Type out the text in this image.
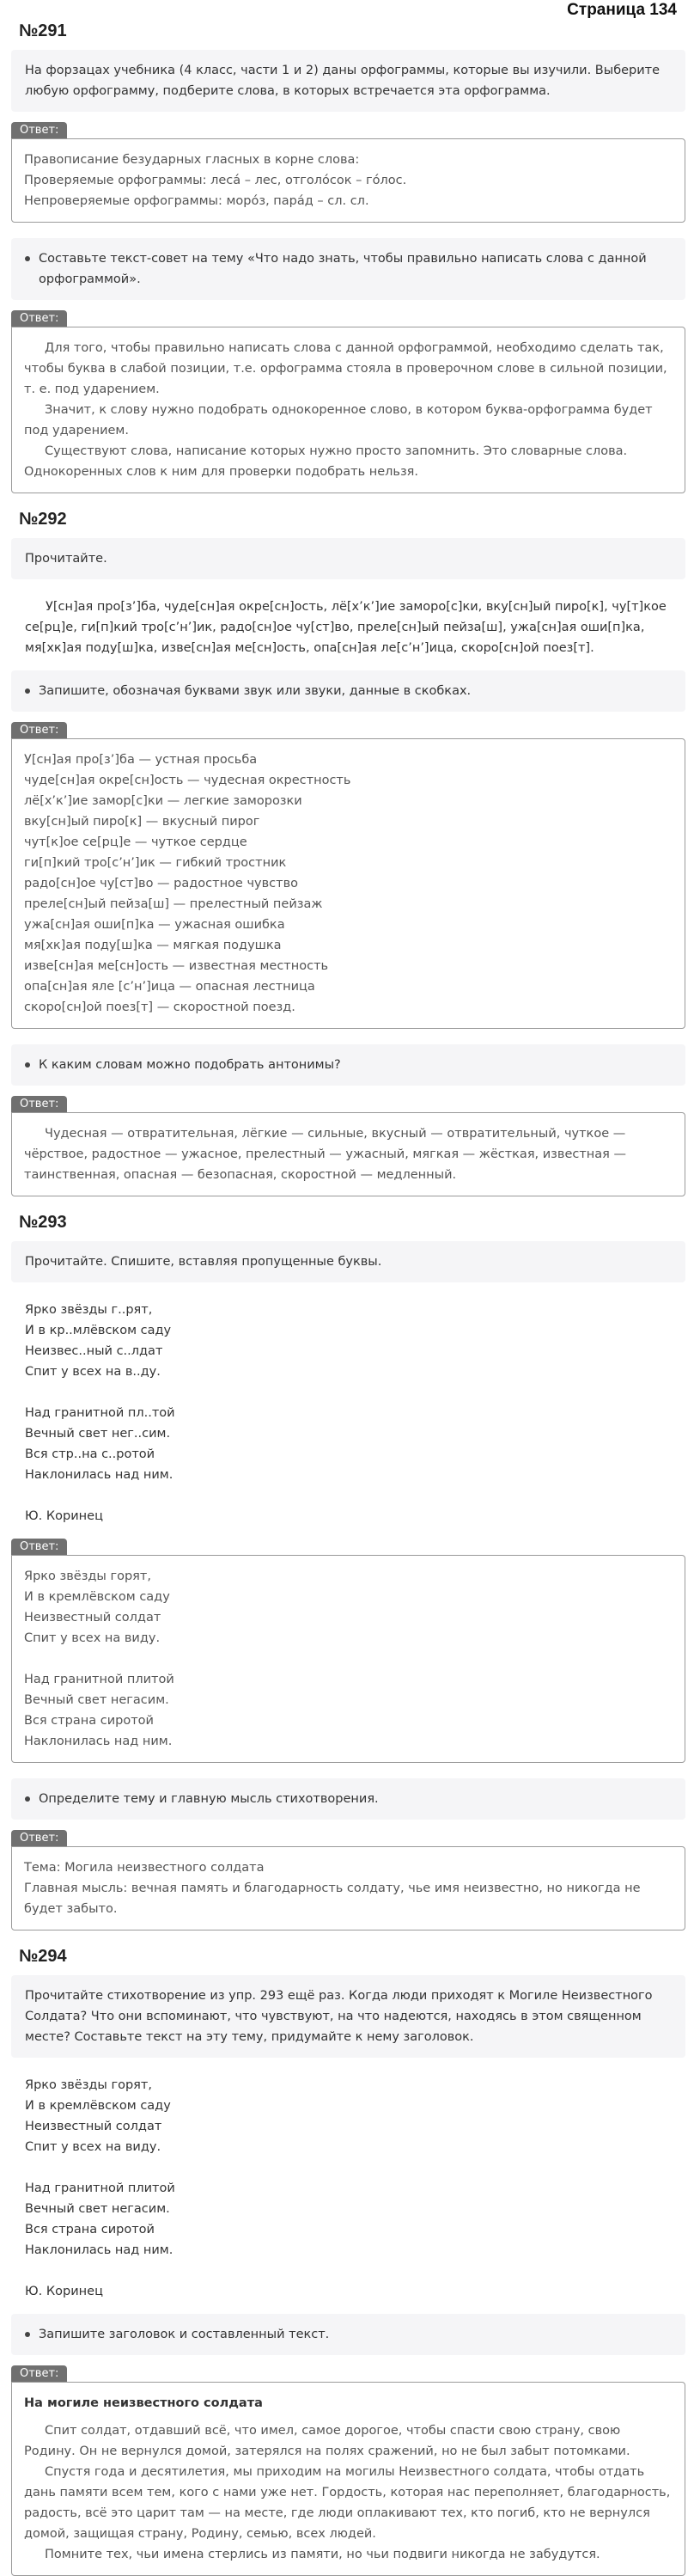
Страница 134
№291

На форзацах учебника (4 класс, части 1 и 2) даны орфограммы, которые вы изучили. Выберите любую орфограмму, подберите слова, в которых встречается эта орфограмма.

Ответ:

Правописание безударных гласных в корне слова:

Проверяемые орфограммы: лесá – лес, отголóсок – гóлос.

Непроверяемые орфограммы: морóз, парáд – сл. сл.

Составьте текст-совет на тему «Что надо знать, чтобы правильно написать слова с данной орфограммой».

Ответ:

Для того, чтобы правильно написать слова с данной орфограммой, необходимо сделать так, чтобы буква в слабой позиции, т.е. орфограмма стояла в проверочном слове в сильной позиции, т. е. под ударением.

Значит, к слову нужно подобрать однокоренное слово, в котором буква-орфограмма будет под ударением.

Существуют слова, написание которых нужно просто запомнить. Это словарные слова. Однокоренных слов к ним для проверки подобрать нельзя.

№292

Прочитайте.

У[сн]ая про[з’]ба, чуде[сн]ая окре[сн]ость, лё[х’к’]ие заморо[с]ки, вку[сн]ый пиро[к], чу[т]кое се[рц]е, ги[п]кий тро[с’н’]ик, радо[сн]ое чу[ст]во, преле[сн]ый пейза[ш], ужа[сн]ая оши[п]ка, мя[хк]ая поду[ш]ка, изве[сн]ая ме[сн]ость, опа[сн]ая ле[с’н’]ица, скоро[сн]ой поез[т].

Запишите, обозначая буквами звук или звуки, данные в скобках.

Ответ:

У[сн]ая про[з’]ба — устная просьба

чуде[сн]ая окре[сн]ость — чудесная окрестность

лё[х’к’]ие замор[с]ки — легкие заморозки

вку[сн]ый пиро[к] — вкусный пирог

чут[к]ое се[рц]е — чуткое сердце

ги[п]кий тро[с’н’]ик — гибкий тростник

радо[сн]ое чу[ст]во — радостное чувство

преле[сн]ый пейза[ш] — прелестный пейзаж

ужа[сн]ая оши[п]ка — ужасная ошибка

мя[хк]ая поду[ш]ка — мягкая подушка

изве[сн]ая ме[сн]ость — известная местность

опа[сн]ая яле [с’н’]ица — опасная лестница

скоро[сн]ой поез[т] — скоростной поезд.

К каким словам можно подобрать антонимы?

Ответ:

Чудесная — отвратительная, лёгкие — сильные, вкусный — отвратительный, чуткое — чёрствое, радостное — ужасное, прелестный — ужасный, мягкая — жёсткая, известная — таинственная, опасная — безопасная, скоростной — медленный.

№293

Прочитайте. Спишите, вставляя пропущенные буквы.

Ярко звёзды г..рят,

И в кр..млёвском саду

Неизвес..ный с..лдат

Спит у всех на в..ду.

Над гранитной пл..той

Вечный свет нег..сим.

Вся стр..на с..ротой

Наклонилась над ним.

Ю. Коринец

Ответ:

Ярко звёзды горят,

И в кремлёвском саду

Неизвестный солдат

Спит у всех на виду.

Над гранитной плитой

Вечный свет негасим.

Вся страна сиротой

Наклонилась над ним.

Определите тему и главную мысль стихотворения.

Ответ:

Тема: Могила неизвестного солдата

Главная мысль: вечная память и благодарность солдату, чье имя неизвестно, но никогда не будет забыто.

№294

Прочитайте стихотворение из упр. 293 ещё раз. Когда люди приходят к Могиле Неизвестного Солдата? Что они вспоминают, что чувствуют, на что надеются, находясь в этом священном месте? Составьте текст на эту тему, придумайте к нему заголовок.

Ярко звёзды горят,

И в кремлёвском саду

Неизвестный солдат

Спит у всех на виду.

Над гранитной плитой

Вечный свет негасим.

Вся страна сиротой

Наклонилась над ним.

Ю. Коринец

Запишите заголовок и составленный текст.

Ответ:

На могиле неизвестного солдата

Спит солдат, отдавший всё, что имел, самое дорогое, чтобы спасти свою страну, свою Родину. Он не вернулся домой, затерялся на полях сражений, но не был забыт потомками.

Спустя года и десятилетия, мы приходим на могилы Неизвестного солдата, чтобы отдать дань памяти всем тем, кого с нами уже нет. Гордость, которая нас переполняет, благодарность, радость, всё это царит там — на месте, где люди оплакивают тех, кто погиб, кто не вернулся домой, защищая страну, Родину, семью, всех людей.

Помните тех, чьи имена стерлись из памяти, но чьи подвиги никогда не забудутся.
